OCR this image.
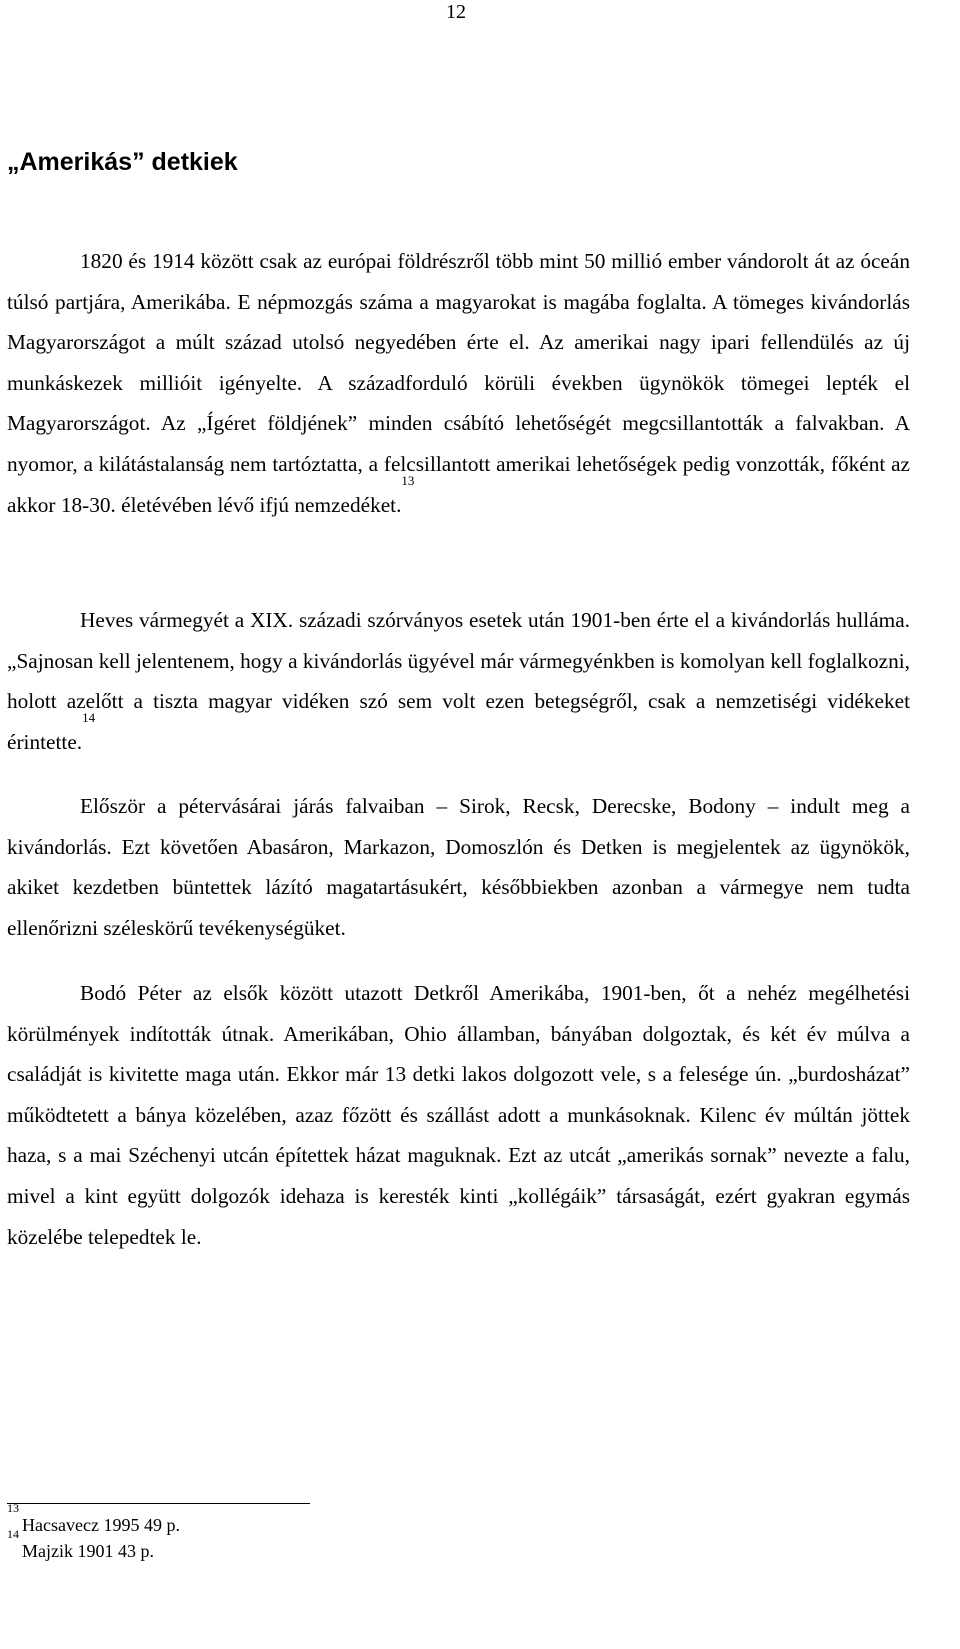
12
„Amerikás” detkiek

1820 és 1914 között csak az európai földrészről több mint 50 millió ember vándorolt át az óceán túlsó partjára, Amerikába. E népmozgás száma a magyarokat is magába foglalta. A tömeges kivándorlás Magyarországot a múlt század utolsó negyedében érte el. Az amerikai nagy ipari fellendülés az új munkáskezek millióit igényelte. A századforduló körüli években ügynökök tömegei lepték el Magyarországot. Az „Ígéret földjének” minden csábító lehetőségét megcsillantották a falvakban. A nyomor, a kilátástalanság nem tartóztatta, a felcsillantott amerikai lehetőségek pedig vonzották, főként az akkor 18-30. életévében lévő ifjú nemzedéket.$^{13}$

Heves vármegyét a XIX. századi szórványos esetek után 1901-ben érte el a kivándorlás hulláma. „Sajnosan kell jelentenem, hogy a kivándorlás ügyével már vármegyénkben is komolyan kell foglalkozni, holott azelőtt a tiszta magyar vidéken szó sem volt ezen betegségről, csak a nemzetiségi vidékeket érintette.$^{14}$

Először a pétervásárai járás falvaiban – Sirok, Recsk, Derecske, Bodony – indult meg a kivándorlás. Ezt követően Abasáron, Markazon, Domoszlón és Detken is megjelentek az ügynökök, akiket kezdetben büntettek lázító magatartásukért, későbbiekben azonban a vármegye nem tudta ellenőrizni széleskörű tevékenységüket.

Bodó Péter az elsők között utazott Detkről Amerikába, 1901-ben, őt a nehéz megélhetési körülmények indították útnak. Amerikában, Ohio államban, bányában dolgoztak, és két év múlva a családját is kivitette maga után. Ekkor már 13 detki lakos dolgozott vele, s a felesége ún. „burdosházat” működtetett a bánya közelében, azaz főzött és szállást adott a munkásoknak. Kilenc év múltán jöttek haza, s a mai Széchenyi utcán építettek házat maguknak. Ezt az utcát „amerikás sornak” nevezte a falu, mivel a kint együtt dolgozók idehaza is keresték kinti „kollégáik” társaságát, ezért gyakran egymás közelébe telepedtek le.

$^{13}$Hacsavecz 1995 49 p.
$^{14}$Majzik 1901 43 p.
